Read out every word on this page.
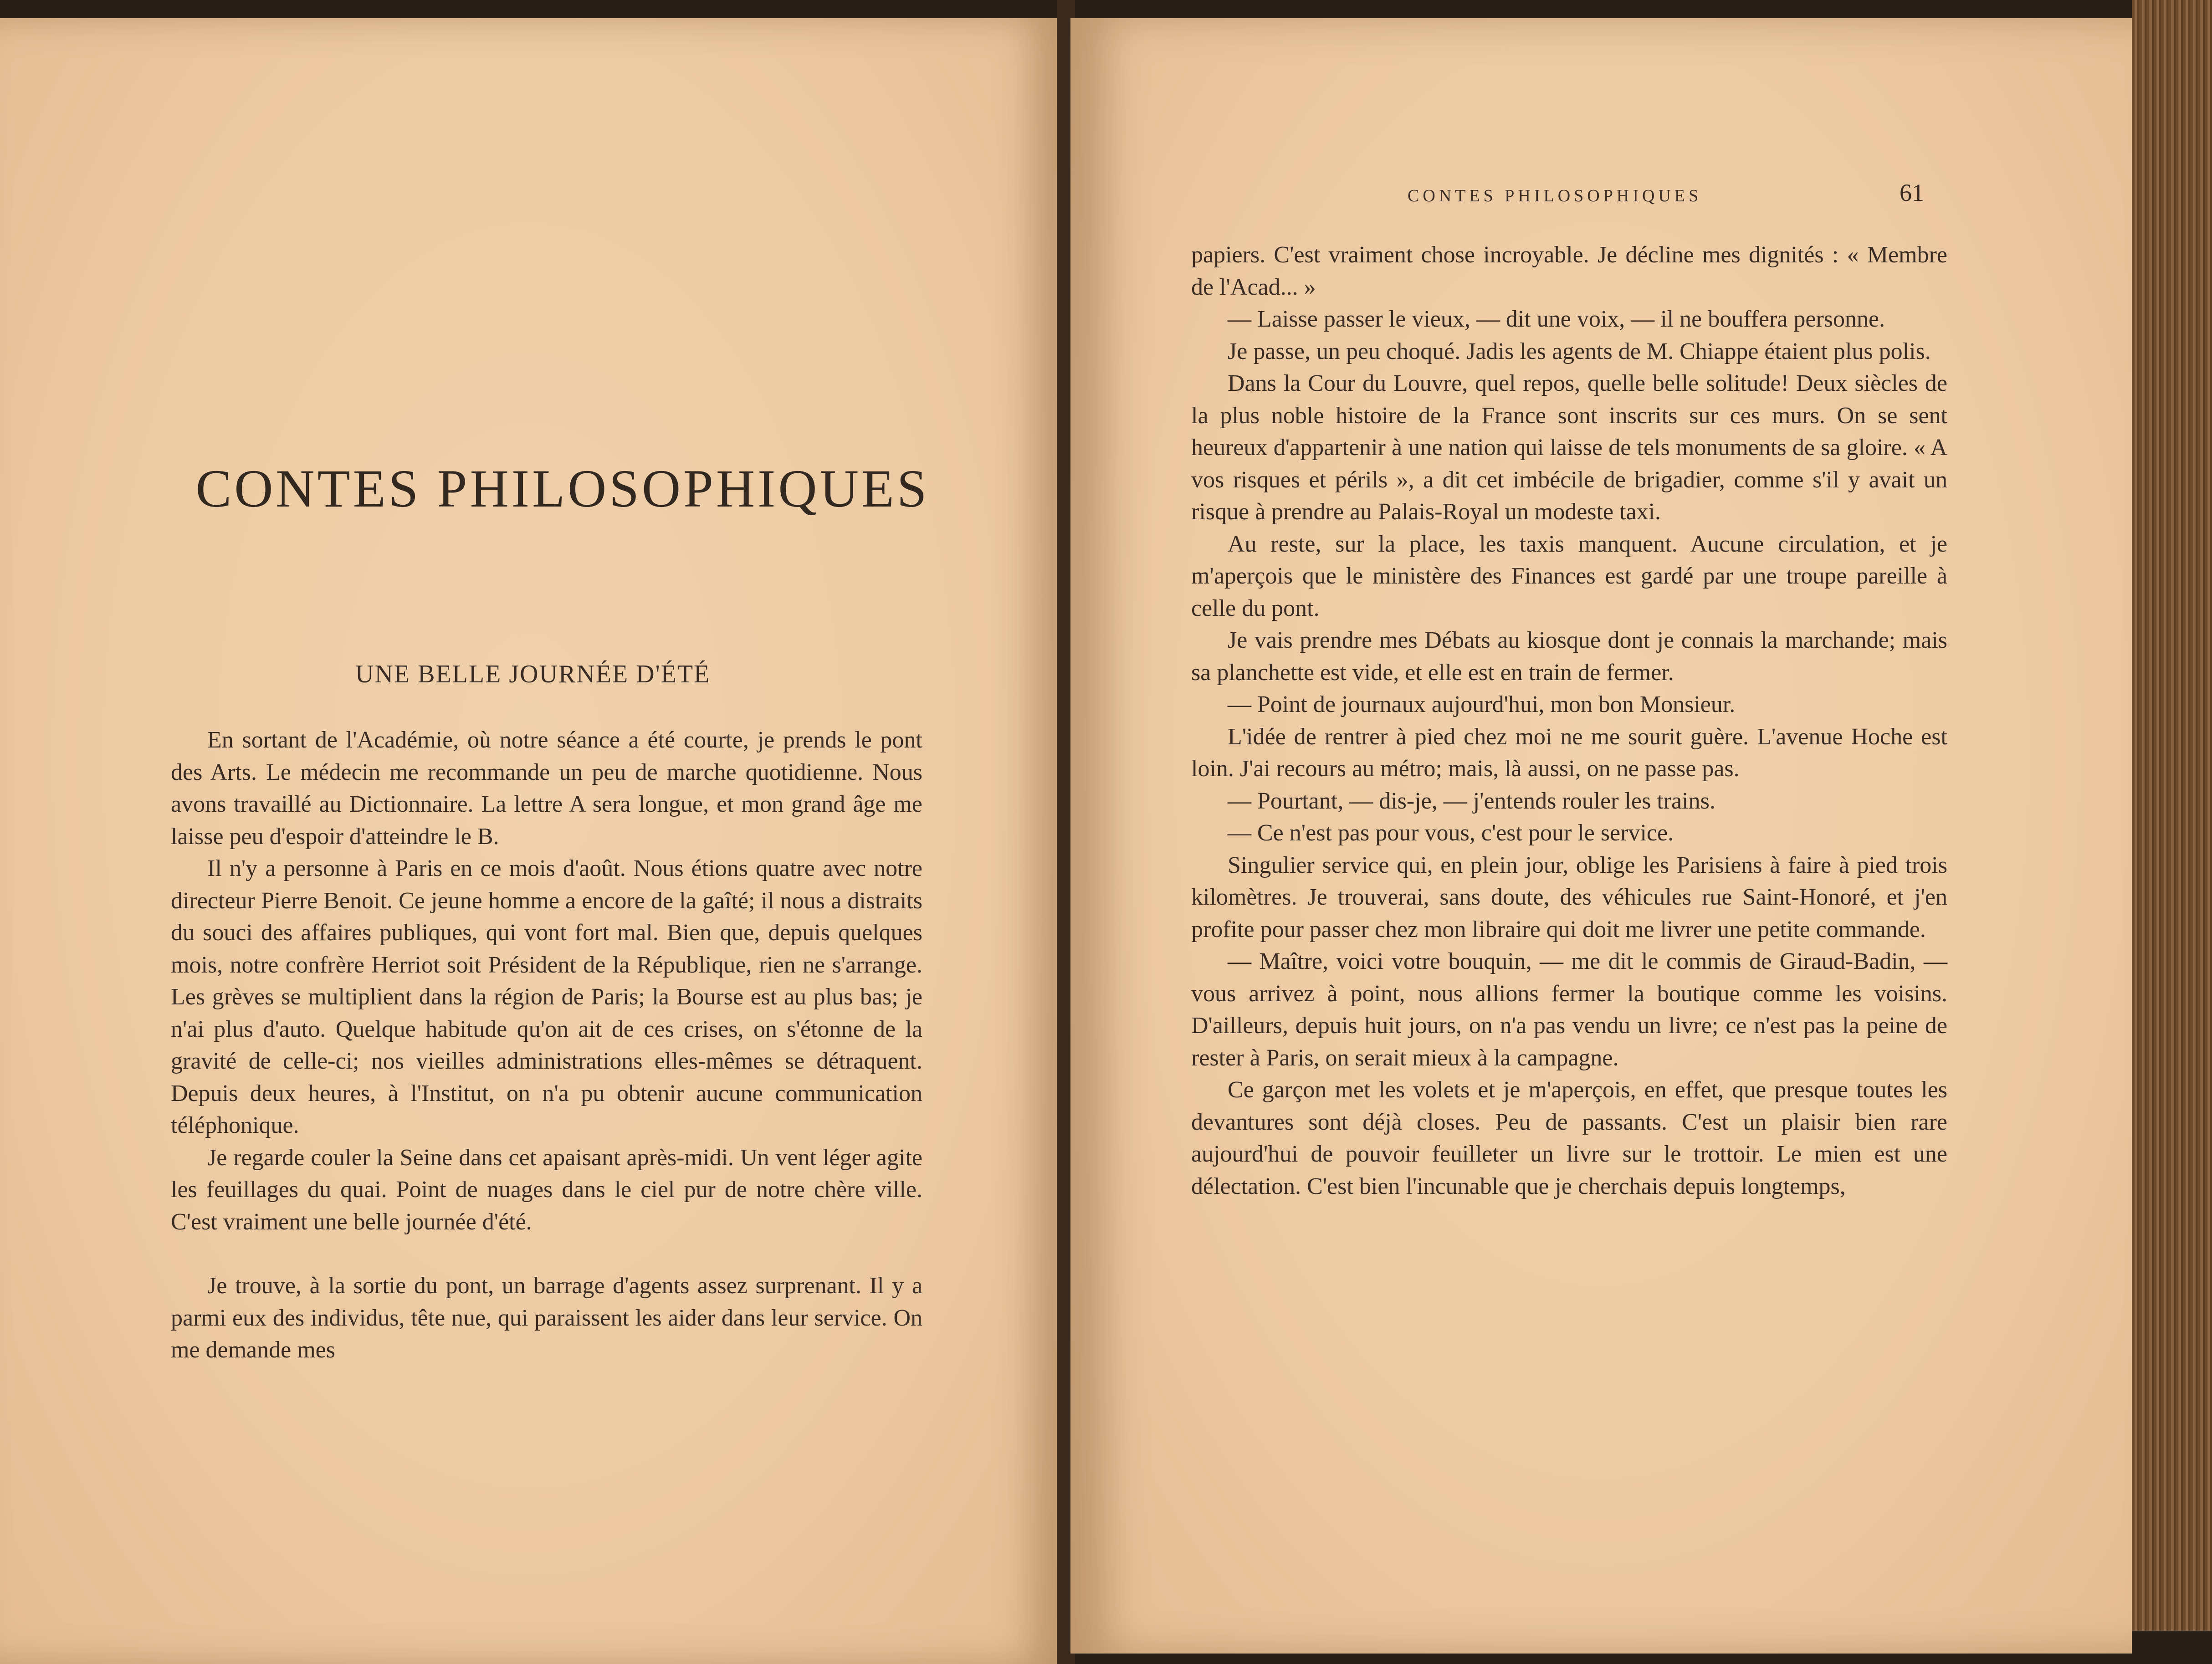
CONTES PHILOSOPHIQUES
UNE BELLE JOURNÉE D'ÉTÉ

En sortant de l'Académie, où notre séance a été courte, je prends le pont des Arts. Le médecin me recommande un peu de marche quotidienne. Nous avons travaillé au Dictionnaire. La lettre A sera longue, et mon grand âge me laisse peu d'espoir d'atteindre le B.

Il n'y a personne à Paris en ce mois d'août. Nous étions quatre avec notre directeur Pierre Benoit. Ce jeune homme a encore de la gaîté; il nous a distraits du souci des affaires publiques, qui vont fort mal. Bien que, depuis quelques mois, notre confrère Herriot soit Président de la République, rien ne s'arrange. Les grèves se multiplient dans la région de Paris; la Bourse est au plus bas; je n'ai plus d'auto. Quelque habitude qu'on ait de ces crises, on s'étonne de la gravité de celle-ci; nos vieilles administrations elles-mêmes se détraquent. Depuis deux heures, à l'Institut, on n'a pu obtenir aucune communication téléphonique.

Je regarde couler la Seine dans cet apaisant après-midi. Un vent léger agite les feuillages du quai. Point de nuages dans le ciel pur de notre chère ville. C'est vraiment une belle journée d'été.

Je trouve, à la sortie du pont, un barrage d'agents assez surprenant. Il y a parmi eux des individus, tête nue, qui paraissent les aider dans leur service. On me demande mes

CONTES PHILOSOPHIQUES	61

papiers. C'est vraiment chose incroyable. Je décline mes dignités : « Membre de l'Acad... »

— Laisse passer le vieux, — dit une voix, — il ne bouffera personne.

Je passe, un peu choqué. Jadis les agents de M. Chiappe étaient plus polis.

Dans la Cour du Louvre, quel repos, quelle belle solitude! Deux siècles de la plus noble histoire de la France sont inscrits sur ces murs. On se sent heureux d'appartenir à une nation qui laisse de tels monuments de sa gloire. « A vos risques et périls », a dit cet imbécile de brigadier, comme s'il y avait un risque à prendre au Palais-Royal un modeste taxi.

Au reste, sur la place, les taxis manquent. Aucune circulation, et je m'aperçois que le ministère des Finances est gardé par une troupe pareille à celle du pont.

Je vais prendre mes Débats au kiosque dont je connais la marchande; mais sa planchette est vide, et elle est en train de fermer.

— Point de journaux aujourd'hui, mon bon Monsieur.

L'idée de rentrer à pied chez moi ne me sourit guère. L'avenue Hoche est loin. J'ai recours au métro; mais, là aussi, on ne passe pas.

— Pourtant, — dis-je, — j'entends rouler les trains.

— Ce n'est pas pour vous, c'est pour le service.

Singulier service qui, en plein jour, oblige les Parisiens à faire à pied trois kilomètres. Je trouverai, sans doute, des véhicules rue Saint-Honoré, et j'en profite pour passer chez mon libraire qui doit me livrer une petite commande.

— Maître, voici votre bouquin, — me dit le commis de Giraud-Badin, — vous arrivez à point, nous allions fermer la boutique comme les voisins. D'ailleurs, depuis huit jours, on n'a pas vendu un livre; ce n'est pas la peine de rester à Paris, on serait mieux à la campagne.

Ce garçon met les volets et je m'aperçois, en effet, que presque toutes les devantures sont déjà closes. Peu de passants. C'est un plaisir bien rare aujourd'hui de pouvoir feuilleter un livre sur le trottoir. Le mien est une délectation. C'est bien l'incunable que je cherchais depuis longtemps,
